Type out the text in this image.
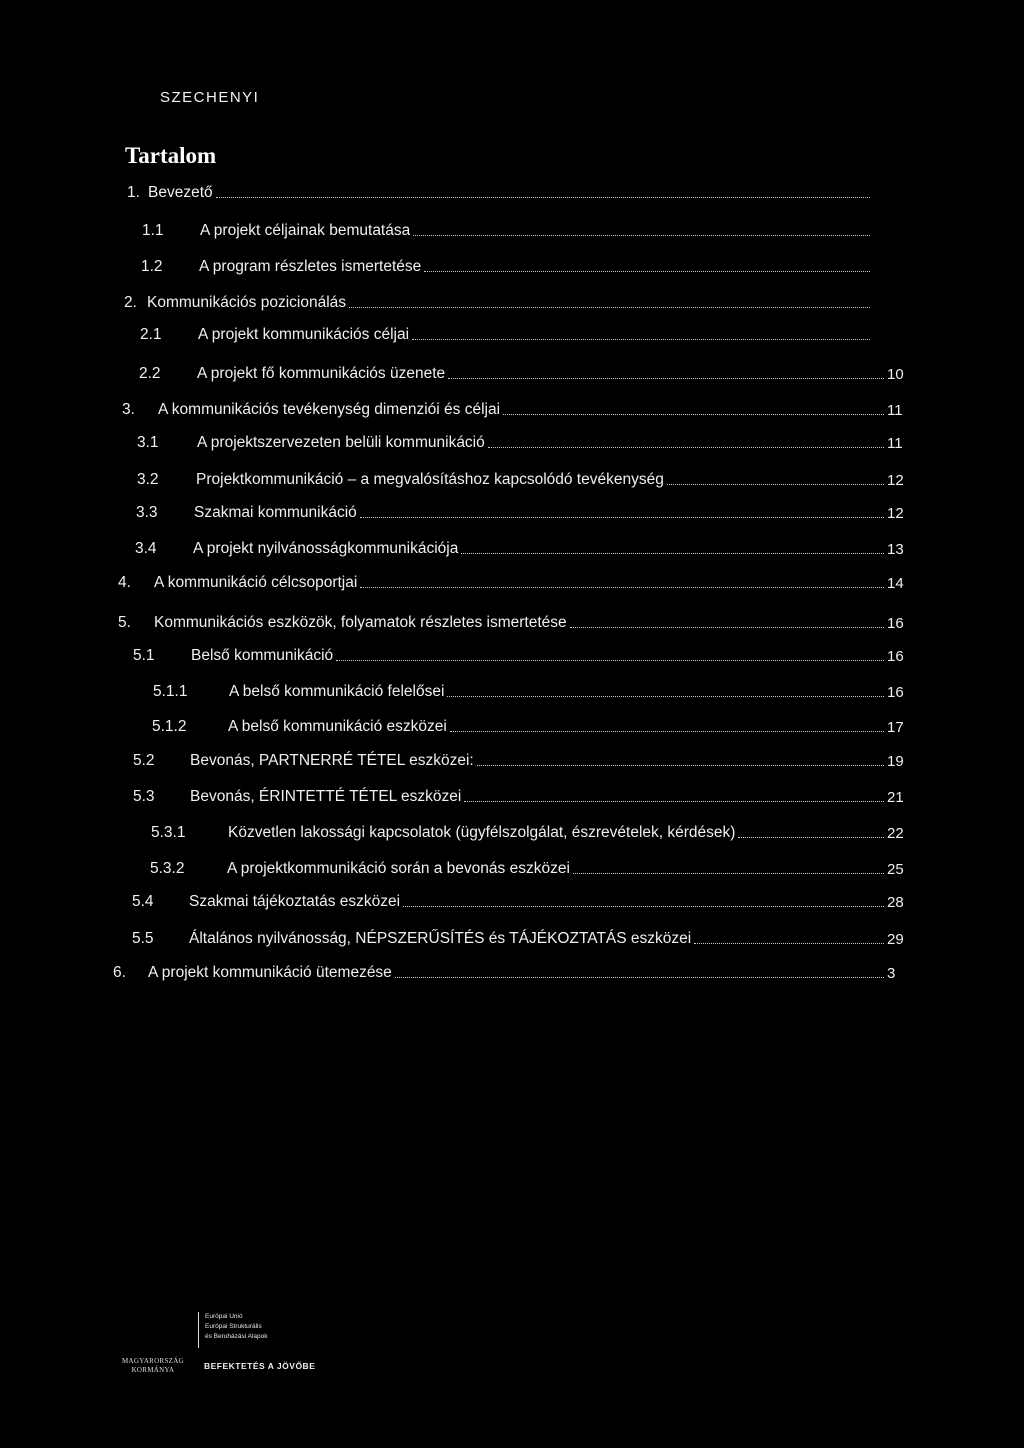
SZECHENYI
Tartalom
1. Bevezető
1.1	A projekt céljainak bemutatása
1.2	A program részletes ismertetése
2. Kommunikációs pozicionálás
2.1	A projekt kommunikációs céljai
2.2	A projekt fő kommunikációs üzenete	10
3.	A kommunikációs tevékenység dimenziói és céljai	11
3.1	A projektszervezeten belüli kommunikáció	11
3.2	Projektkommunikáció – a megvalósításhoz kapcsolódó tevékenység	12
3.3	Szakmai kommunikáció	12
3.4	A projekt nyilvánosságkommunikációja	13
4.	A kommunikáció célcsoportjai	14
5.	Kommunikációs eszközök, folyamatok részletes ismertetése	16
5.1	Belső kommunikáció	16
5.1.1	A belső kommunikáció felelősei	16
5.1.2	A belső kommunikáció eszközei	17
5.2	Bevonás, PARTNERRÉ TÉTEL eszközei:	19
5.3	Bevonás, ÉRINTETTÉ TÉTEL eszközei	21
5.3.1	Közvetlen lakossági kapcsolatok (ügyfélszolgálat, észrevételek, kérdések)	22
5.3.2	A projektkommunikáció során a bevonás eszközei	25
5.4	Szakmai tájékoztatás eszközei	28
5.5	Általános nyilvánosság, NÉPSZERŰSÍTÉS és TÁJÉKOZTATÁS eszközei	29
6.	A projekt kommunikáció ütemezése	3
MAGYARORSZÁG
KORMÁNYA
Európai Unió
Európai Strukturális
és Beruházási Alapok
BEFEKTETÉS A JÖVŐBE
